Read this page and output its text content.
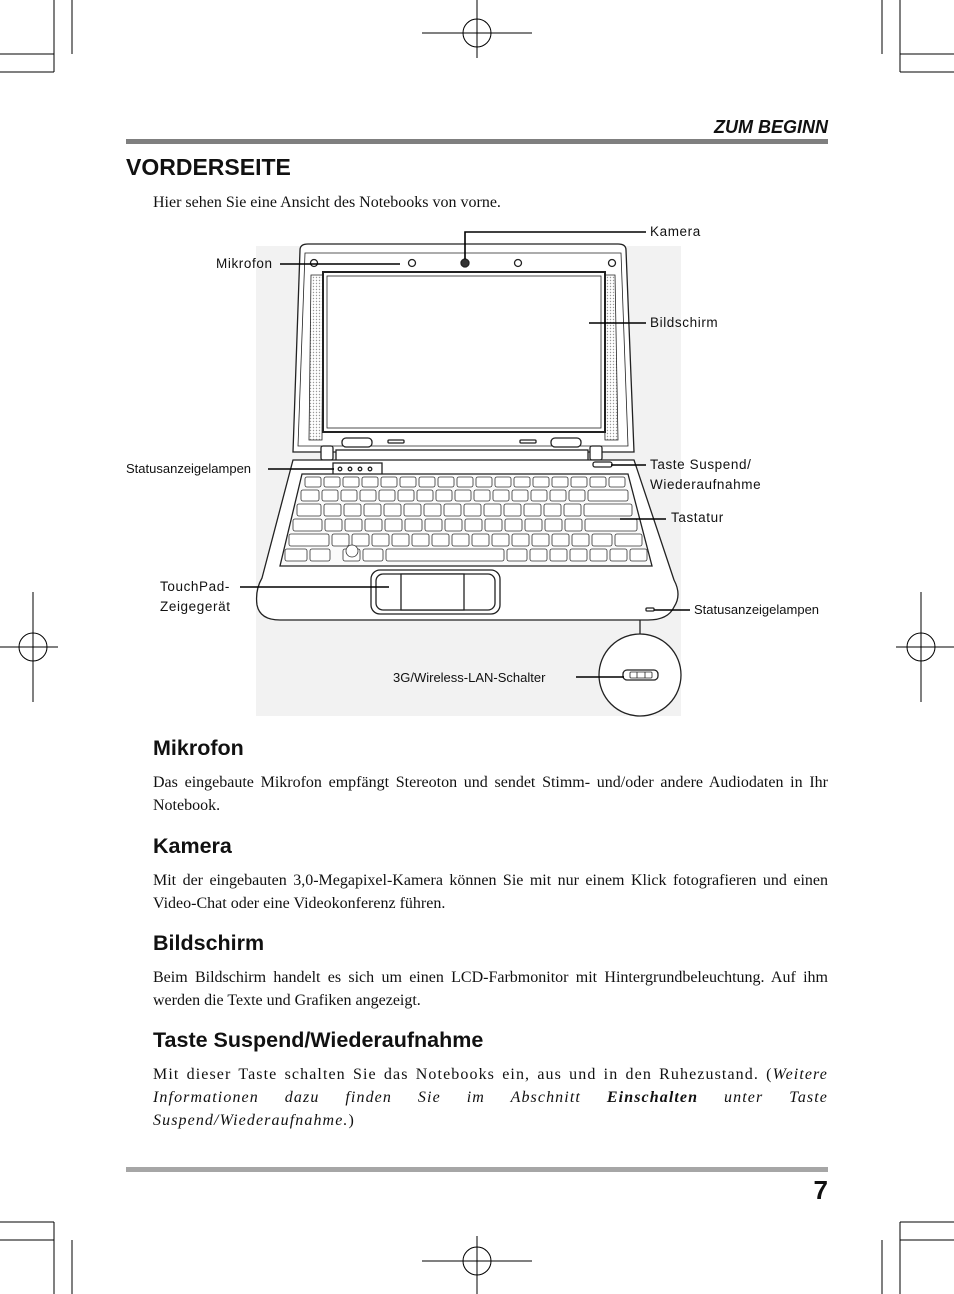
ZUM BEGINN
VORDERSEITE

Hier sehen Sie eine Ansicht des Notebooks von vorne.

Kamera
Mikrofon
Bildschirm
Statusanzeigelampen	Taste Suspend/
Wiederaufnahme
Tastatur
TouchPad-
Zeigegerät	Statusanzeigelampen
3G/Wireless-LAN-Schalter
Mikrofon

Das eingebaute Mikrofon empfängt Stereoton und sendet Stimm- und/oder andere Audiodaten in Ihr Notebook.

Kamera

Mit der eingebauten 3,0-Megapixel-Kamera können Sie mit nur einem Klick fotografieren und einen Video-Chat oder eine Videokonferenz führen.

Bildschirm

Beim Bildschirm handelt es sich um einen LCD-Farbmonitor mit Hintergrundbeleuchtung. Auf ihm werden die Texte und Grafiken angezeigt.

Taste Suspend/Wiederaufnahme

Mit dieser Taste schalten Sie das Notebooks ein, aus und in den Ruhezustand. (Weitere Informationen dazu finden Sie im Abschnitt Einschalten unter Taste Suspend/Wiederaufnahme.)

7
